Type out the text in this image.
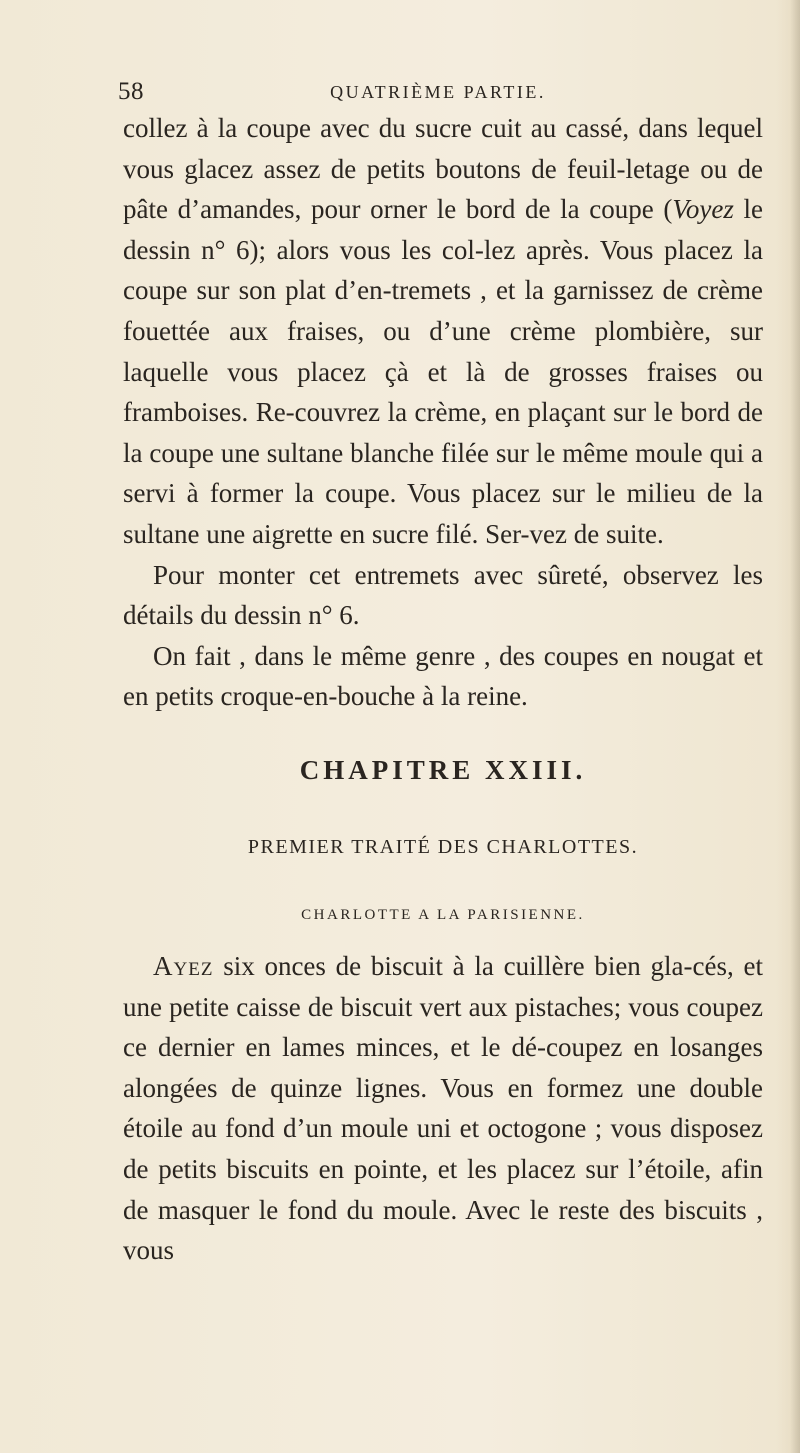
58	QUATRIÈME PARTIE.

collez à la coupe avec du sucre cuit au cassé, dans lequel vous glacez assez de petits boutons de feuil-letage ou de pâte d’amandes, pour orner le bord de la coupe (Voyez le dessin n° 6); alors vous les col-lez après. Vous placez la coupe sur son plat d’en-tremets , et la garnissez de crème fouettée aux fraises, ou d’une crème plombière, sur laquelle vous placez çà et là de grosses fraises ou framboises. Re-couvrez la crème, en plaçant sur le bord de la coupe une sultane blanche filée sur le même moule qui a servi à former la coupe. Vous placez sur le milieu de la sultane une aigrette en sucre filé. Ser-vez de suite.

Pour monter cet entremets avec sûreté, observez les détails du dessin n° 6.

On fait , dans le même genre , des coupes en nougat et en petits croque-en-bouche à la reine.

CHAPITRE XXIII.
PREMIER TRAITÉ DES CHARLOTTES.
CHARLOTTE A LA PARISIENNE.

Ayez six onces de biscuit à la cuillère bien gla-cés, et une petite caisse de biscuit vert aux pistaches; vous coupez ce dernier en lames minces, et le dé-coupez en losanges alongées de quinze lignes. Vous en formez une double étoile au fond d’un moule uni et octogone ; vous disposez de petits biscuits en pointe, et les placez sur l’étoile, afin de masquer le fond du moule. Avec le reste des biscuits , vous
